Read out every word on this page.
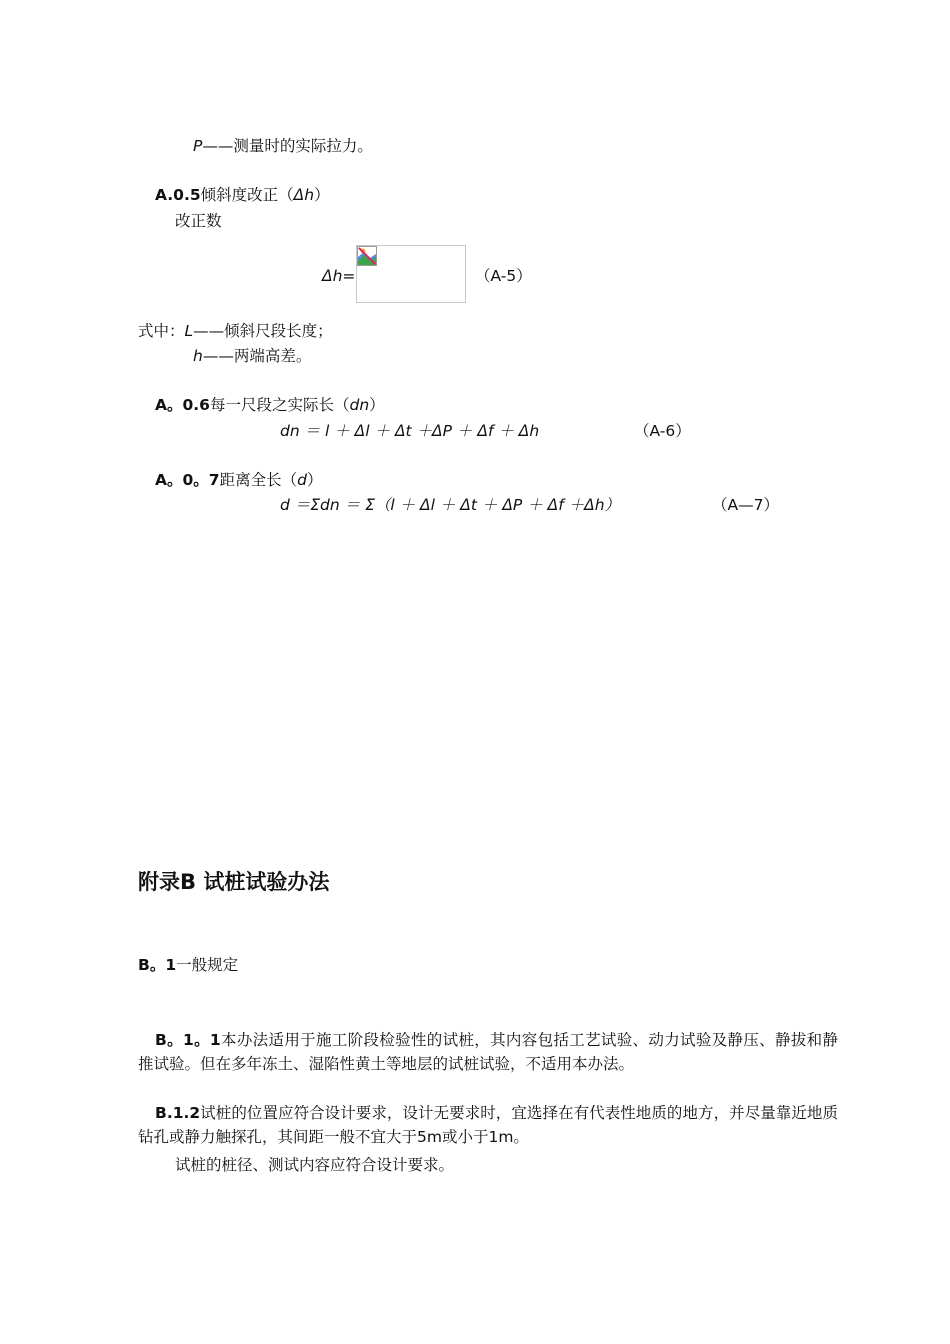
P——测量时的实际拉力。
A.0.5倾斜度改正（Δh）
改正数
Δh=	（A-5）
式中：L——倾斜尺段长度；
h——两端高差。
A。0.6每一尺段之实际长（dn）
dn ＝ l ＋ Δl ＋ Δt ＋ΔP ＋ Δf ＋ Δh	（A-6）
A。0。7距离全长（d）
d ＝Σdn ＝ Σ（l ＋ Δl ＋ Δt ＋ ΔP ＋ Δf ＋Δh）	（A—7）
附录B 试桩试验办法
B。1一般规定
B。1。1本办法适用于施工阶段检验性的试桩，其内容包括工艺试验、动力试验及静压、静拔和静推试验。但在多年冻土、湿陷性黄土等地层的试桩试验，不适用本办法。
B.1.2试桩的位置应符合设计要求，设计无要求时，宜选择在有代表性地质的地方，并尽量靠近地质钻孔或静力触探孔，其间距一般不宜大于5m或小于1m。
试桩的桩径、测试内容应符合设计要求。
